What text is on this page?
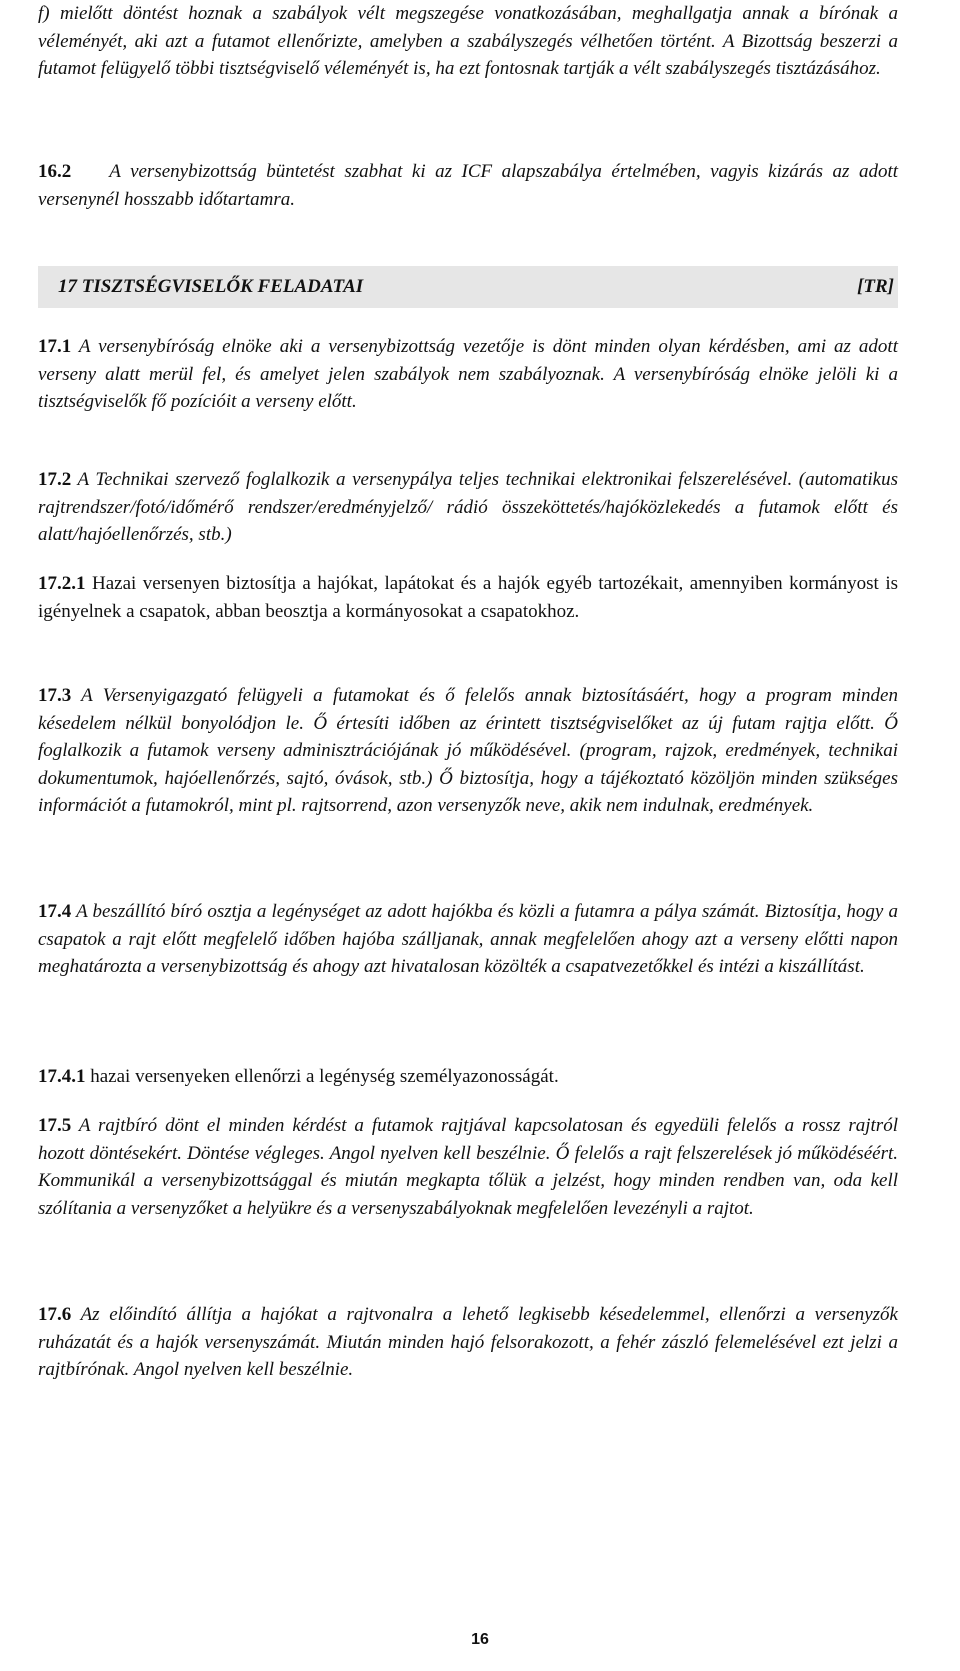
f) mielőtt döntést hoznak a szabályok vélt megszegése vonatkozásában, meghallgatja annak a bírónak a véleményét, aki azt a futamot ellenőrizte, amelyben a szabályszegés vélhetően történt. A Bizottság beszerzi a futamot felügyelő többi tisztségviselő véleményét is, ha ezt fontosnak tartják a vélt szabályszegés tisztázásához.

16.2 A versenybizottság büntetést szabhat ki az ICF alapszabálya értelmében, vagyis kizárás az adott versenynél hosszabb időtartamra.

17 TISZTSÉGVISELŐK FELADATAI	[TR]

17.1 A versenybíróság elnöke aki a versenybizottság vezetője is dönt minden olyan kérdésben, ami az adott verseny alatt merül fel, és amelyet jelen szabályok nem szabályoznak. A versenybíróság elnöke jelöli ki a tisztségviselők fő pozícióit a verseny előtt.

17.2 A Technikai szervező foglalkozik a versenypálya teljes technikai elektronikai felszerelésével. (automatikus rajtrendszer/fotó/időmérő rendszer/eredményjelző/ rádió összeköttetés/hajóközlekedés a futamok előtt és alatt/hajóellenőrzés, stb.)

17.2.1 Hazai versenyen biztosítja a hajókat, lapátokat és a hajók egyéb tartozékait, amennyiben kormányost is igényelnek a csapatok, abban beosztja a kormányosokat a csapatokhoz.

17.3 A Versenyigazgató felügyeli a futamokat és ő felelős annak biztosításáért, hogy a program minden késedelem nélkül bonyolódjon le. Ő értesíti időben az érintett tisztségviselőket az új futam rajtja előtt. Ő foglalkozik a futamok verseny adminisztrációjának jó működésével. (program, rajzok, eredmények, technikai dokumentumok, hajóellenőrzés, sajtó, óvások, stb.) Ő biztosítja, hogy a tájékoztató közöljön minden szükséges információt a futamokról, mint pl. rajtsorrend, azon versenyzők neve, akik nem indulnak, eredmények.

17.4 A beszállító bíró osztja a legénységet az adott hajókba és közli a futamra a pálya számát. Biztosítja, hogy a csapatok a rajt előtt megfelelő időben hajóba szálljanak, annak megfelelően ahogy azt a verseny előtti napon meghatározta a versenybizottság és ahogy azt hivatalosan közölték a csapatvezetőkkel és intézi a kiszállítást.

17.4.1 hazai versenyeken ellenőrzi a legénység személyazonosságát.

17.5 A rajtbíró dönt el minden kérdést a futamok rajtjával kapcsolatosan és egyedüli felelős a rossz rajtról hozott döntésekért. Döntése végleges. Angol nyelven kell beszélnie. Ő felelős a rajt felszerelések jó működéséért. Kommunikál a versenybizottsággal és miután megkapta tőlük a jelzést, hogy minden rendben van, oda kell szólítania a versenyzőket a helyükre és a versenyszabályoknak megfelelően levezényli a rajtot.

17.6 Az előindító állítja a hajókat a rajtvonalra a lehető legkisebb késedelemmel, ellenőrzi a versenyzők ruházatát és a hajók versenyszámát. Miután minden hajó felsorakozott, a fehér zászló felemelésével ezt jelzi a rajtbírónak. Angol nyelven kell beszélnie.

16
